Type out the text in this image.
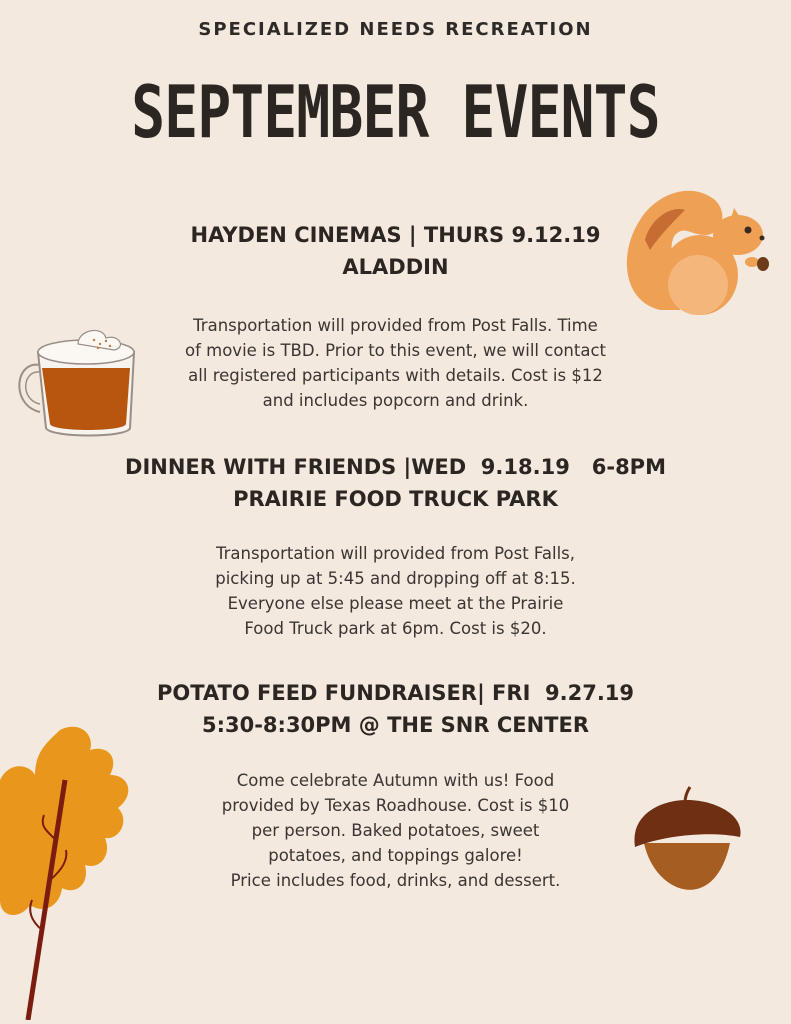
SPECIALIZED NEEDS RECREATION
SEPTEMBER EVENTS
HAYDEN CINEMAS | THURS 9.12.19
ALADDIN
Transportation will provided from Post Falls. Time
of movie is TBD. Prior to this event, we will contact
all registered participants with details. Cost is $12
and includes popcorn and drink.
DINNER WITH FRIENDS |WED  9.18.19   6-8PM
PRAIRIE FOOD TRUCK PARK
Transportation will provided from Post Falls,
picking up at 5:45 and dropping off at 8:15.
Everyone else please meet at the Prairie
Food Truck park at 6pm. Cost is $20.
POTATO FEED FUNDRAISER| FRI  9.27.19
5:30-8:30PM @ THE SNR CENTER
Come celebrate Autumn with us! Food
provided by Texas Roadhouse. Cost is $10
per person. Baked potatoes, sweet
potatoes, and toppings galore!
Price includes food, drinks, and dessert.
